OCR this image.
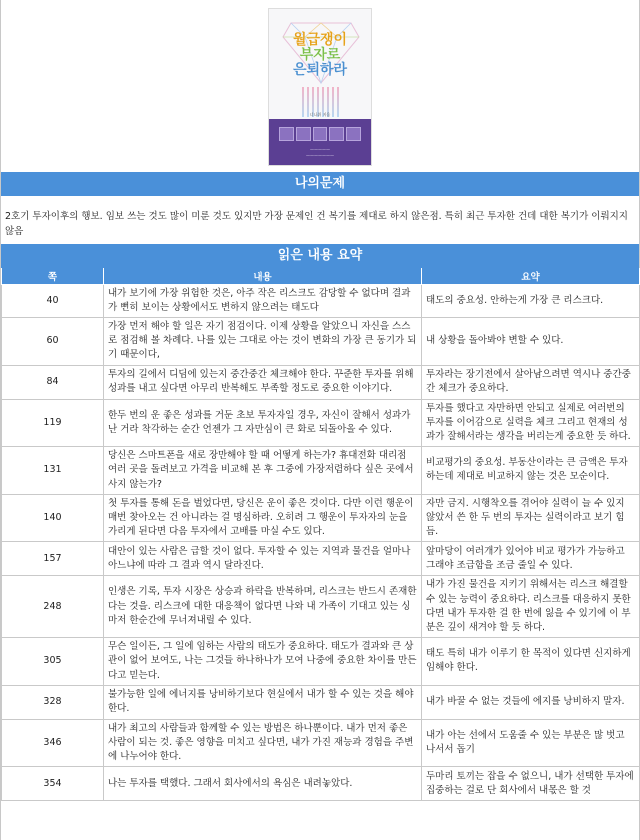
월급쟁이
부자로
은퇴하라
너나위 지음
—————
———————
나의문제
2호기 투자이후의 행보. 임보 쓰는 것도 많이 미룬 것도 있지만 가장 문제인 건 복기를 제대로 하지 않은점. 특히 최근 투자한 건데 대한 복기가 이뤄지지 않음
읽은 내용 요약
쪽	내용	요약
40	내가 보기에 가장 위험한 것은, 아주 작은 리스크도 감당할 수 없다며 결과가 뻔히 보이는 상황에서도 변하지 않으려는 태도다	태도의 중요성. 안하는게 가장 큰 리스크다.
60	가장 먼저 해야 할 일은 자기 점검이다. 이제 상황을 알았으니 자신을 스스로 점검해 볼 차례다. 나를 있는 그대로 아는 것이 변화의 가장 큰 동기가 되기 때문이다,	내 상황을 돌아봐야 변할 수 있다.
84	투자의 길에서 디딤에 있는지 중간중간 체크해야 한다. 꾸준한 투자를 위해 성과를 내고 싶다면 아무리 반복해도 부족할 정도로 중요한 이야기다.	투자라는 장기전에서 살아남으려면 역시나 중간중간 체크가 중요하다.
119	한두 번의 운 좋은 성과를 거둔 초보 투자자일 경우, 자신이 잘해서 성과가 난 거라 착각하는 순간 언젠가 그 자만심이 큰 화로 되돌아올 수 있다.	투자를 했다고 자만하면 안되고 실제로 여러번의 투자를 이어감으로 실력을 체크 그리고 현재의 성과가 잘해서라는 생각을 버리는게 중요한 듯 하다.
131	당신은 스마트폰을 새로 장만해야 할 때 어떻게 하는가? 휴대전화 대리점 여러 곳을 돌려보고 가격을 비교해 본 후 그중에 가장저렴하다 싶은 곳에서 사지 않는가?	비교평가의 중요성. 부동산이라는 큰 금액은 투자하는데 제대로 비교하지 않는 것은 모순이다.
140	첫 투자를 통해 돈을 벌었다면, 당신은 운이 좋은 것이다. 다만 이런 행운이 매번 찾아오는 건 아니라는 걸 명심하라. 오히려 그 행운이 투자자의 눈을 가리게 된다면 다음 투자에서 고배를 마실 수도 있다.	자만 금지. 시행착오를 겪어야 실력이 늘 수 있지 않았서 쓴 한 두 번의 투자는 실력이라고 보기 힘듬.
157	대안이 있는 사람은 급할 것이 없다. 투자할 수 있는 지역과 물건을 얼마나 아느냐에 따라 그 결과 역시 달라진다.	앞마당이 여러개가 있어야 비교 평가가 가능하고 그래야 조급함을 조금 줄일 수 있다.
248	인생은 기록, 투자 시장은 상승과 하락을 반복하며, 리스크는 반드시 존재한다는 것을. 리스크에 대한 대응책이 없다면 나와 내 가족이 기대고 있는 싱마저 한순간에 무너져내릴 수 있다.	내가 가진 물건을 지키기 위해서는 리스크 해결할 수 있는 능력이 중요하다. 리스크를 대응하지 못한다면 내가 투자한 걸 한 번에 잃을 수 있기에 이 부분은 깊이 새겨야 할 듯 하다.
305	무슨 일이든, 그 일에 임하는 사람의 태도가 중요하다. 태도가 결과와 큰 상관이 없어 보여도, 나는 그것들 하나하나가 모여 나중에 중요한 차이를 만든다고 믿는다.	태도 특히 내가 이루기 한 목적이 있다면 신지하게 임해야 한다.
328	불가능한 일에 에너지를 낭비하기보다 현실에서 내가 할 수 있는 것을 해야 한다.	내가 바꿀 수 없는 것들에 에지를 낭비하지 말자.
346	내가 최고의 사람들과 함께할 수 있는 방법은 하나뿐이다. 내가 먼저 좋은 사람이 되는 것. 좋은 영향을 미치고 싶다면, 내가 가진 재능과 경험을 주변에 나누어야 한다.	내가 아는 선에서 도움줄 수 있는 부분은 많 벗고 나서서 돕기
354	나는 투자를 택했다. 그래서 회사에서의 욕심은 내려놓았다.	두마리 토끼는 잡을 수 없으니, 내가 선택한 투자에 집중하는 걸로 단 회사에서 내몫은 할 것
